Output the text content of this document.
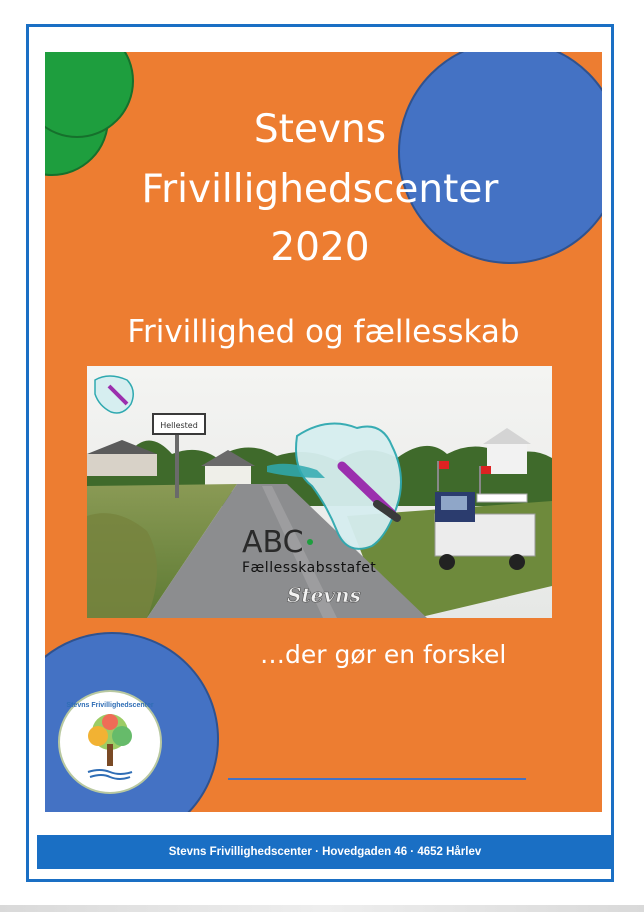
Stevns
Frivillighedscenter
2020
Frivillighed og fællesskab
Hellested
ABC
Fællesskabsstafet
Stevns
…der gør en forskel
Stevns Frivillighedscenter
Stevns Frivillighedscenter · Hovedgaden 46 · 4652 Hårlev
